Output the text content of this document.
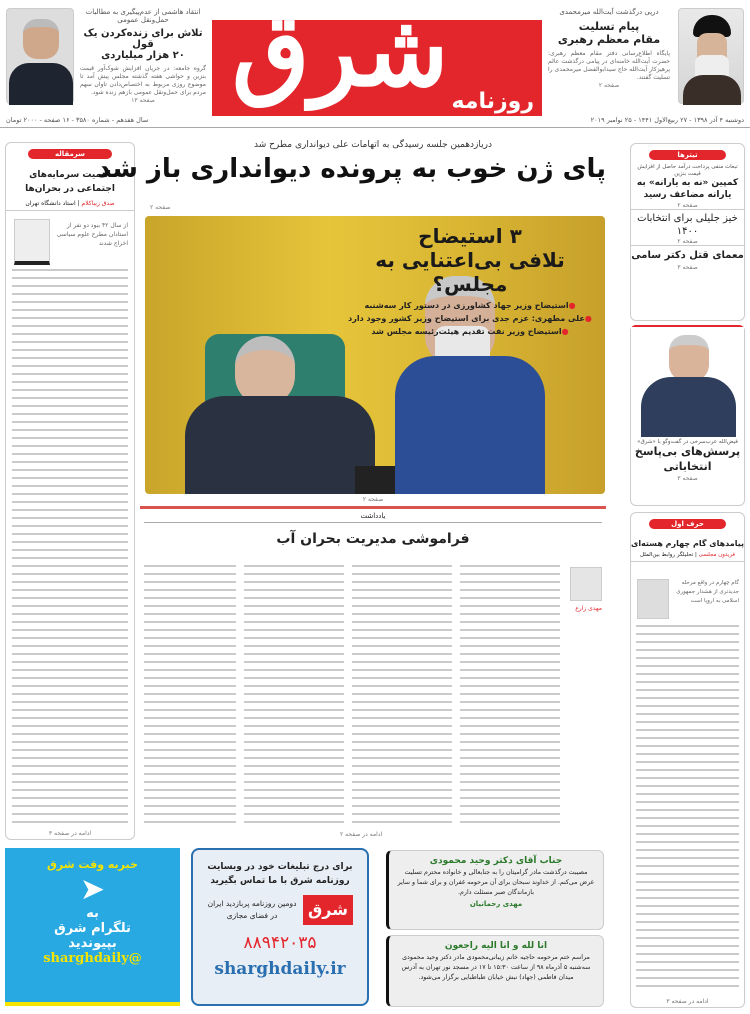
درپی درگذشت آیت‌الله میرمحمدی
پیام تسلیت
مقام معظم رهبری

پایگاه اطلاع‌رسانی دفتر مقام معظم رهبری: حضرت آیت‌الله خامنه‌ای در پیامی درگذشت عالم پرهیزکار آیت‌الله حاج سیدابوالفضل میرمحمدی را تسلیت گفتند.

صفحه ۲
شرق روزنامه
انتقاد هاشمی از عدم‌پیگیری به مطالبات حمل‌ونقل عمومی
تلاش برای زنده‌کردن یک قول
۲۰ هزار میلیاردی

گروه جامعه: در جریان افزایش شوک‌آور قیمت بنزین و حواشی هفته گذشته مجلس پیش آمد تا موضوع روزی مربوط به اختصاص‌دادن تاوان سهم مردم برای حمل‌ونقل عمومی بازهم زنده شود.

صفحه ۱۳
دوشنبه ۴ آذر ۱۳۹۸ - ۲۷ ربیع‌الاول ۱۴۴۱ - ۲۵ نوامبر ۲۰۱۹
سال هفدهم - شماره ۳۵۸۰ - ۱۶ صفحه - ۲۰۰۰ تومان
سرمقاله
اهمیت سرمایه‌های اجتماعی در بحران‌ها
صدق زیباکلام | استاد دانشگاه تهران

از سال ۴۲ ببود دو نفر از استادان مطرح علوم سیاسی اخراج شدند

ادامه در صفحه ۳
دریازدهمین جلسه رسیدگی به اتهامات علی دیوانداری مطرح شد
پای ژن خوب به پرونده دیوانداری باز شد
صفحه ۲
۳ استیضاح
تلافی بی‌اعتنایی به مجلس؟
●استیضاح وزیر جهاد کشاورزی در دستور کار سه‌شنبه
●علی مطهری: عزم جدی برای استیضاح وزیر کشور وجود دارد
●استیضاح وزیر نفت تقدیم هیئت‌رئیسه مجلس شد
صفحه ۲
یادداشت
فراموشی مدیریت بحران آب
مهدی زارع
ادامه در صفحه ۲
تیترها
تبعات منفی پرداخت درآمد حاصل از افزایش قیمت بنزین
کمپین «نه به یارانه» به یارانه مضاعف رسید
صفحه ۲
خیز جلیلی برای انتخابات ۱۴۰۰
صفحه ۲
معمای قتل دکتر سامی
صفحه ۳
فیض‌الله عرب‌سرخی در گفت‌وگو با «شرق»
پرسش‌های بی‌پاسخ انتخاباتی
صفحه ۳
حرف اول
پیامدهای گام چهارم هسته‌ای
فریدون مجلسی | تحلیلگر روابط بین‌الملل

گام چهارم در واقع مرحله جدیدتری از هشدار جمهوری اسلامی به اروپا است

ادامه در صفحه ۳
خبربه وقت شرق
➤
به
تلگرام شرق
بپیوندید
@sharghdaily
برای درج تبلیغات خود در وبسایت روزنامه شرق با ما تماس بگیرید
شرق
دومین روزنامه پربازدید ایران در فضای مجازی
۸۸۹۴۲۰۳۵
sharghdaily.ir
جناب آقای دکتر وحید محمودی

مصیبت درگذشت مادر گرامیتان را به جنابعالی و خانواده محترم تسلیت عرض می‌کنم. از خداوند سبحان برای آن مرحومه غفران و برای شما و سایر بازماندگان صبر مسئلت دارم.

مهدی رحمانیان
انا لله و انا الیه راجعون

مراسم ختم مرحومه حاجیه خانم زیبانی‌محمودی مادر دکتر وحید محمودی سه‌شنبه ۵ آذرماه ۹۸ از ساعت ۱۵:۳۰ تا ۱۷ در مسجد نور تهران به آدرس میدان فاطمی (جهاد) نبش خیابان طباطبایی برگزار می‌شود.
